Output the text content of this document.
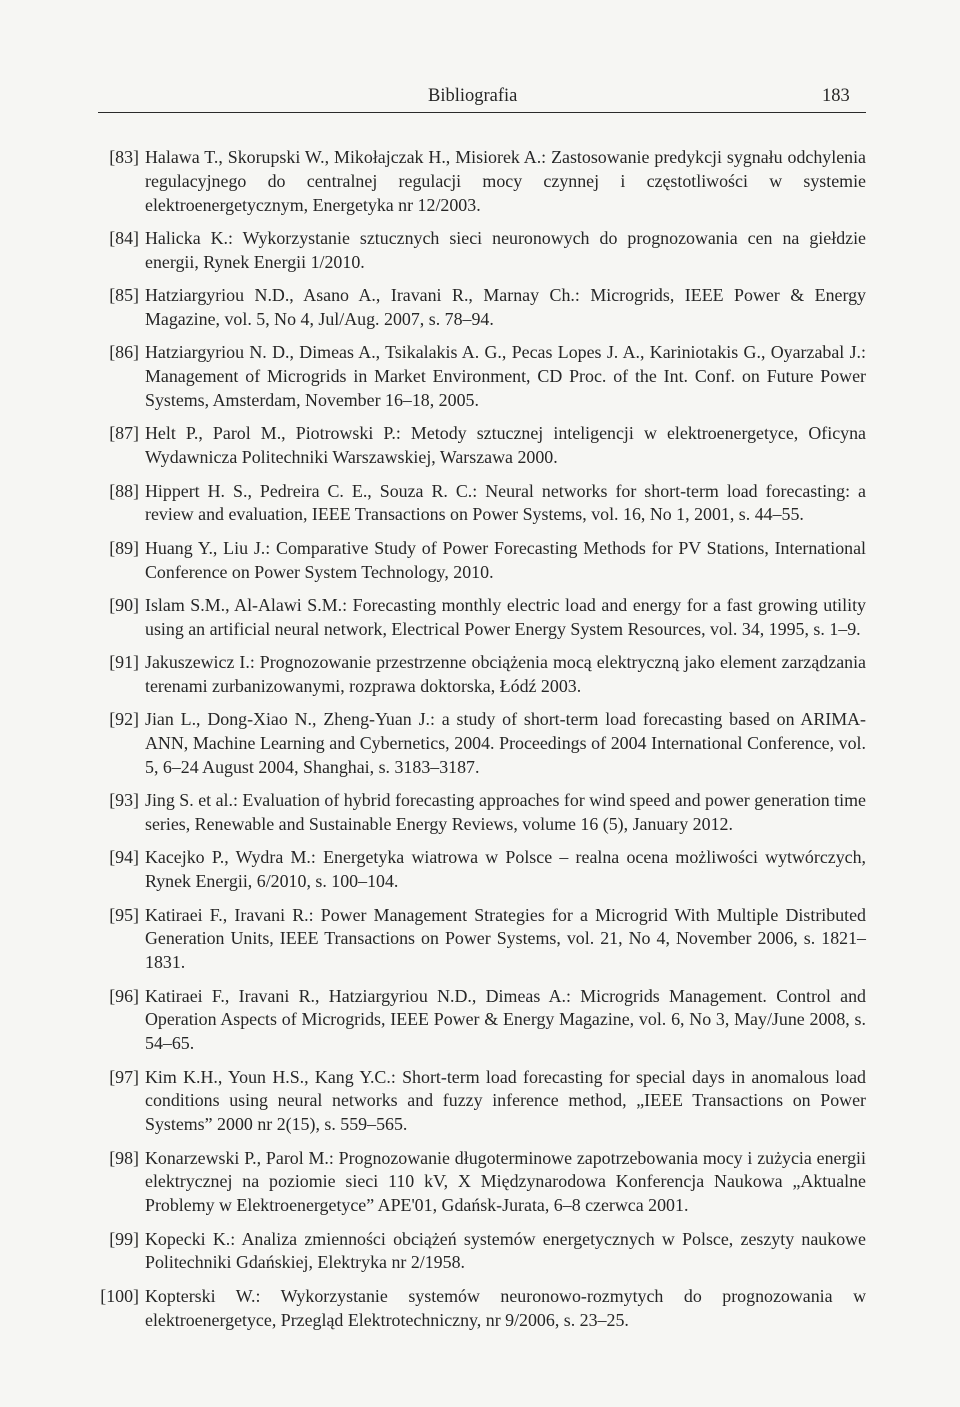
Bibliografia	183
[83] Halawa T., Skorupski W., Mikołajczak H., Misiorek A.: Zastosowanie predykcji sygnału odchylenia regulacyjnego do centralnej regulacji mocy czynnej i częstotliwości w systemie elektroenergetycznym, Energetyka nr 12/2003.
[84] Halicka K.: Wykorzystanie sztucznych sieci neuronowych do prognozowania cen na giełdzie energii, Rynek Energii 1/2010.
[85] Hatziargyriou N.D., Asano A., Iravani R., Marnay Ch.: Microgrids, IEEE Power & Energy Magazine, vol. 5, No 4, Jul/Aug. 2007, s. 78–94.
[86] Hatziargyriou N. D., Dimeas A., Tsikalakis A. G., Pecas Lopes J. A., Kariniotakis G., Oyarzabal J.: Management of Microgrids in Market Environment, CD Proc. of the Int. Conf. on Future Power Systems, Amsterdam, November 16–18, 2005.
[87] Helt P., Parol M., Piotrowski P.: Metody sztucznej inteligencji w elektroenergetyce, Oficyna Wydawnicza Politechniki Warszawskiej, Warszawa 2000.
[88] Hippert H. S., Pedreira C. E., Souza R. C.: Neural networks for short-term load forecasting: a review and evaluation, IEEE Transactions on Power Systems, vol. 16, No 1, 2001, s. 44–55.
[89] Huang Y., Liu J.: Comparative Study of Power Forecasting Methods for PV Stations, International Conference on Power System Technology, 2010.
[90] Islam S.M., Al-Alawi S.M.: Forecasting monthly electric load and energy for a fast growing utility using an artificial neural network, Electrical Power Energy System Resources, vol. 34, 1995, s. 1–9.
[91] Jakuszewicz I.: Prognozowanie przestrzenne obciążenia mocą elektryczną jako element zarządzania terenami zurbanizowanymi, rozprawa doktorska, Łódź 2003.
[92] Jian L., Dong-Xiao N., Zheng-Yuan J.: a study of short-term load forecasting based on ARIMA-ANN, Machine Learning and Cybernetics, 2004. Proceedings of 2004 International Conference, vol. 5, 6–24 August 2004, Shanghai, s. 3183–3187.
[93] Jing S. et al.: Evaluation of hybrid forecasting approaches for wind speed and power generation time series, Renewable and Sustainable Energy Reviews, volume 16 (5), January 2012.
[94] Kacejko P., Wydra M.: Energetyka wiatrowa w Polsce – realna ocena możliwości wytwórczych, Rynek Energii, 6/2010, s. 100–104.
[95] Katiraei F., Iravani R.: Power Management Strategies for a Microgrid With Multiple Distributed Generation Units, IEEE Transactions on Power Systems, vol. 21, No 4, November 2006, s. 1821–1831.
[96] Katiraei F., Iravani R., Hatziargyriou N.D., Dimeas A.: Microgrids Management. Control and Operation Aspects of Microgrids, IEEE Power & Energy Magazine, vol. 6, No 3, May/June 2008, s. 54–65.
[97] Kim K.H., Youn H.S., Kang Y.C.: Short-term load forecasting for special days in anomalous load conditions using neural networks and fuzzy inference method, „IEEE Transactions on Power Systems” 2000 nr 2(15), s. 559–565.
[98] Konarzewski P., Parol M.: Prognozowanie długoterminowe zapotrzebowania mocy i zużycia energii elektrycznej na poziomie sieci 110 kV, X Międzynarodowa Konferencja Naukowa „Aktualne Problemy w Elektroenergetyce” APE'01, Gdańsk-Jurata, 6–8 czerwca 2001.
[99] Kopecki K.: Analiza zmienności obciążeń systemów energetycznych w Polsce, zeszyty naukowe Politechniki Gdańskiej, Elektryka nr 2/1958.
[100] Kopterski W.: Wykorzystanie systemów neuronowo-rozmytych do prognozowania w elektroenergetyce, Przegląd Elektrotechniczny, nr 9/2006, s. 23–25.
